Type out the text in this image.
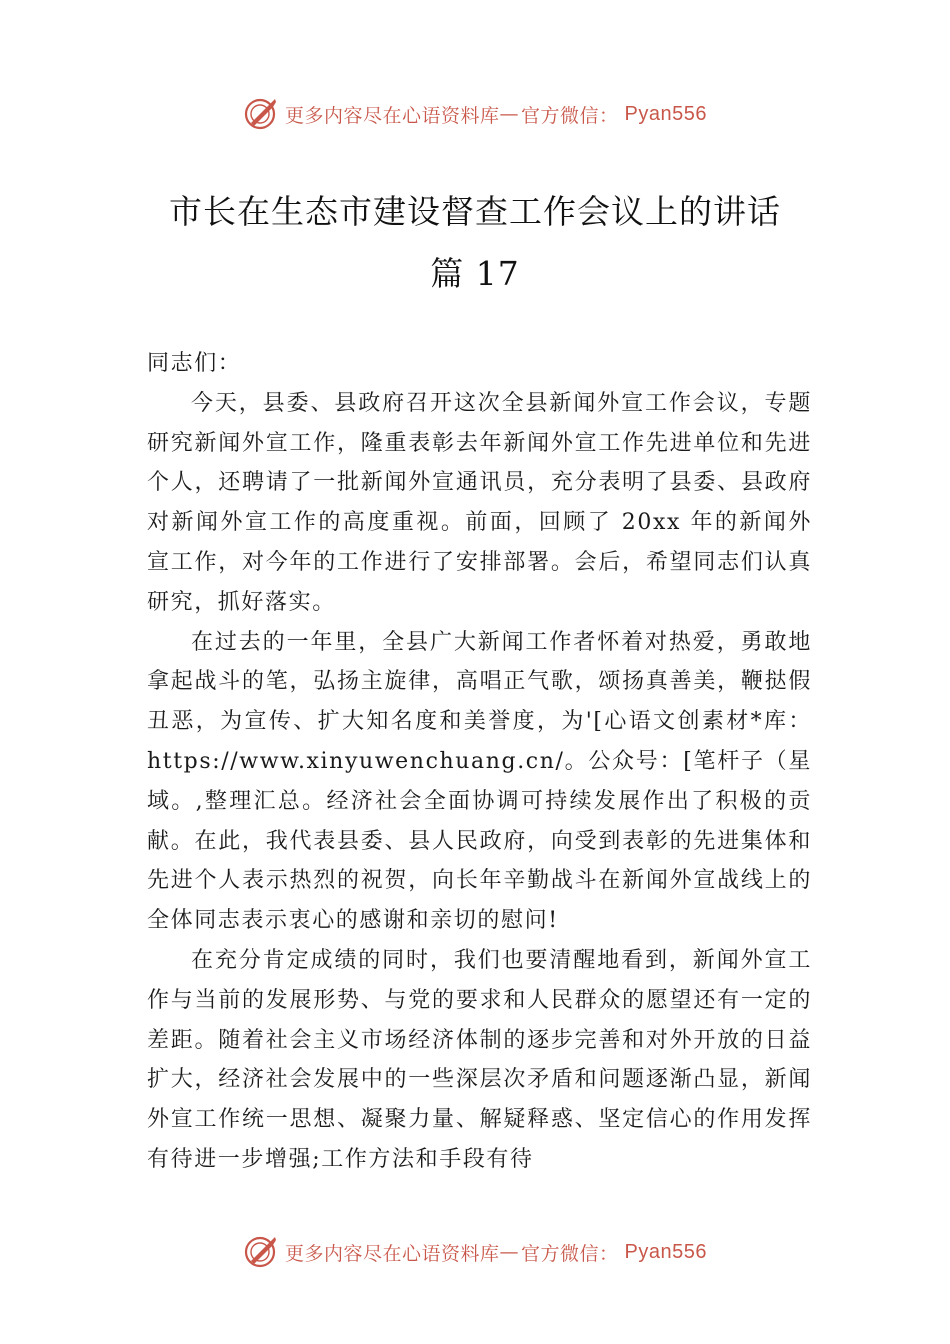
更多内容尽在心语资料库 — 官方微信： Pyan556
市长在生态市建设督查工作会议上的讲话
篇 17

同志们：

今天，县委、县政府召开这次全县新闻外宣工作会议，专题研究新闻外宣工作，隆重表彰去年新闻外宣工作先进单位和先进个人，还聘请了一批新闻外宣通讯员，充分表明了县委、县政府对新闻外宣工作的高度重视。前面，回顾了 20xx 年的新闻外宣工作，对今年的工作进行了安排部署。会后，希望同志们认真研究，抓好落实。

在过去的一年里，全县广大新闻工作者怀着对热爱，勇敢地拿起战斗的笔，弘扬主旋律，高唱正气歌，颂扬真善美，鞭挞假丑恶，为宣传、扩大知名度和美誉度，为'[心语文创素材*库：https://www.xinyuwenchuang.cn/。公众号：[笔杆子（星域。,整理汇总。经济社会全面协调可持续发展作出了积极的贡献。在此，我代表县委、县人民政府，向受到表彰的先进集体和先进个人表示热烈的祝贺，向长年辛勤战斗在新闻外宣战线上的全体同志表示衷心的感谢和亲切的慰问!

在充分肯定成绩的同时，我们也要清醒地看到，新闻外宣工作与当前的发展形势、与党的要求和人民群众的愿望还有一定的差距。随着社会主义市场经济体制的逐步完善和对外开放的日益扩大，经济社会发展中的一些深层次矛盾和问题逐渐凸显，新闻外宣工作统一思想、凝聚力量、解疑释惑、坚定信心的作用发挥有待进一步增强;工作方法和手段有待

更多内容尽在心语资料库 — 官方微信： Pyan556
